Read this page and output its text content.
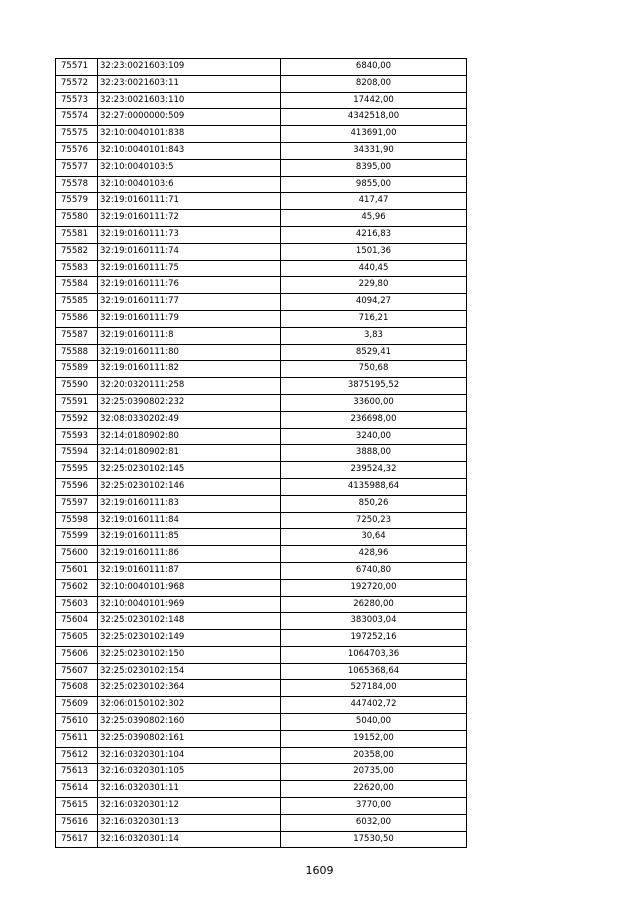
75571	32:23:0021603:109	6840,00
75572	32:23:0021603:11	8208,00
75573	32:23:0021603:110	17442,00
75574	32:27:0000000:509	4342518,00
75575	32:10:0040101:838	413691,00
75576	32:10:0040101:843	34331,90
75577	32:10:0040103:5	8395,00
75578	32:10:0040103:6	9855,00
75579	32:19:0160111:71	417,47
75580	32:19:0160111:72	45,96
75581	32:19:0160111:73	4216,83
75582	32:19:0160111:74	1501,36
75583	32:19:0160111:75	440,45
75584	32:19:0160111:76	229,80
75585	32:19:0160111:77	4094,27
75586	32:19:0160111:79	716,21
75587	32:19:0160111:8	3,83
75588	32:19:0160111:80	8529,41
75589	32:19:0160111:82	750,68
75590	32:20:0320111:258	3875195,52
75591	32:25:0390802:232	33600,00
75592	32:08:0330202:49	236698,00
75593	32:14:0180902:80	3240,00
75594	32:14:0180902:81	3888,00
75595	32:25:0230102:145	239524,32
75596	32:25:0230102:146	4135988,64
75597	32:19:0160111:83	850,26
75598	32:19:0160111:84	7250,23
75599	32:19:0160111:85	30,64
75600	32:19:0160111:86	428,96
75601	32:19:0160111:87	6740,80
75602	32:10:0040101:968	192720,00
75603	32:10:0040101:969	26280,00
75604	32:25:0230102:148	383003,04
75605	32:25:0230102:149	197252,16
75606	32:25:0230102:150	1064703,36
75607	32:25:0230102:154	1065368,64
75608	32:25:0230102:364	527184,00
75609	32:06:0150102:302	447402,72
75610	32:25:0390802:160	5040,00
75611	32:25:0390802:161	19152,00
75612	32:16:0320301:104	20358,00
75613	32:16:0320301:105	20735,00
75614	32:16:0320301:11	22620,00
75615	32:16:0320301:12	3770,00
75616	32:16:0320301:13	6032,00
75617	32:16:0320301:14	17530,50
1609
